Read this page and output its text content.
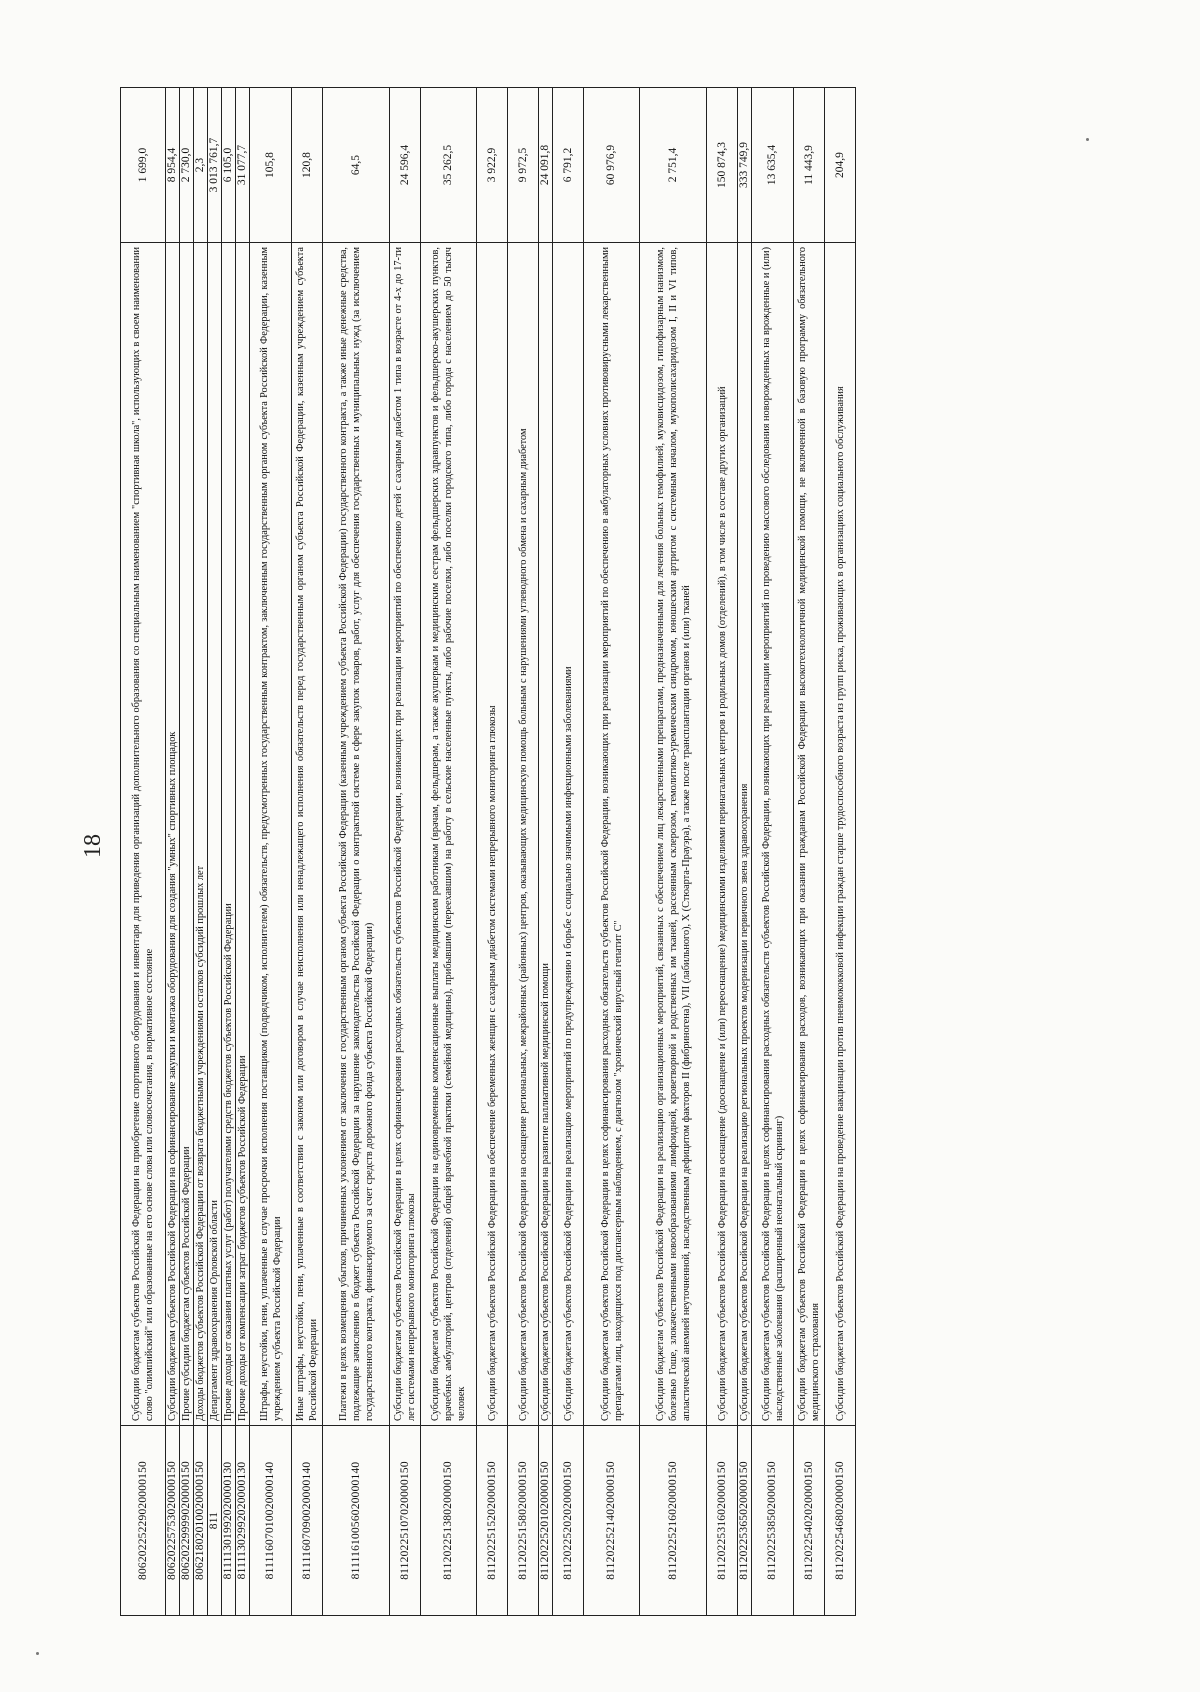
18
80620225229020000150	Субсидии бюджетам субъектов Российской Федерации на приобретение спортивного оборудования и инвентаря для приведения организаций дополнительного образования со специальным наименованием "спортивная школа", использующих в своем наименовании слово "олимпийский" или образованные на его основе слова или словосочетания, в нормативное состояние	1 699,0
80620225753020000150	Субсидии бюджетам субъектов Российской Федерации на софинансирование закупки и монтажа оборудования для создания "умных" спортивных площадок	8 954,4
80620229999020000150	Прочие субсидии бюджетам субъектов Российской Федерации	2 730,0
80621802010020000150	Доходы бюджетов субъектов Российской Федерации от возврата бюджетными учреждениями остатков субсидий прошлых лет	2,3
811	Департамент здравоохранения Орловской области	3 013 761,7
81111301992020000130	Прочие доходы от оказания платных услуг (работ) получателями средств бюджетов субъектов Российской Федерации	6 105,0
81111302992020000130	Прочие доходы от компенсации затрат бюджетов субъектов Российской Федерации	31 077,7
81111607010020000140	Штрафы, неустойки, пени, уплаченные в случае просрочки исполнения поставщиком (подрядчиком, исполнителем) обязательств, предусмотренных государственным контрактом, заключенным государственным органом субъекта Российской Федерации, казенным учреждением субъекта Российской Федерации	105,8
81111607090020000140	Иные штрафы, неустойки, пени, уплаченные в соответствии с законом или договором в случае неисполнения или ненадлежащего исполнения обязательств перед государственным органом субъекта Российской Федерации, казенным учреждением субъекта Российской Федерации	120,8
81111610056020000140	Платежи в целях возмещения убытков, причиненных уклонением от заключения с государственным органом субъекта Российской Федерации (казенным учреждением субъекта Российской Федерации) государственного контракта, а также иные денежные средства, подлежащие зачислению в бюджет субъекта Российской Федерации за нарушение законодательства Российской Федерации о контрактной системе в сфере закупок товаров, работ, услуг для обеспечения государственных и муниципальных нужд (за исключением государственного контракта, финансируемого за счет средств дорожного фонда субъекта Российской Федерации)	64,5
81120225107020000150	Субсидии бюджетам субъектов Российской Федерации в целях софинансирования расходных обязательств субъектов Российской Федерации, возникающих при реализации мероприятий по обеспечению детей с сахарным диабетом 1 типа в возрасте от 4-х до 17-ти лет системами непрерывного мониторинга глюкозы	24 596,4
81120225138020000150	Субсидии бюджетам субъектов Российской Федерации на единовременные компенсационные выплаты медицинским работникам (врачам, фельдшерам, а также акушеркам и медицинским сестрам фельдшерских здравпунктов и фельдшерско-акушерских пунктов, врачебных амбулаторий, центров (отделений) общей врачебной практики (семейной медицины), прибывшим (переехавшим) на работу в сельские населенные пункты, либо рабочие поселки, либо поселки городского типа, либо города с населением до 50 тысяч человек	35 262,5
81120225152020000150	Субсидии бюджетам субъектов Российской Федерации на обеспечение беременных женщин с сахарным диабетом системами непрерывного мониторинга глюкозы	3 922,9
81120225158020000150	Субсидии бюджетам субъектов Российской Федерации на оснащение региональных, межрайонных (районных) центров, оказывающих медицинскую помощь больным с нарушениями углеводного обмена и сахарным диабетом	9 972,5
81120225201020000150	Субсидии бюджетам субъектов Российской Федерации на развитие паллиативной медицинской помощи	24 091,8
81120225202020000150	Субсидии бюджетам субъектов Российской Федерации на реализацию мероприятий по предупреждению и борьбе с социально значимыми инфекционными заболеваниями	6 791,2
81120225214020000150	Субсидии бюджетам субъектов Российской Федерации в целях софинансирования расходных обязательств субъектов Российской Федерации, возникающих при реализации мероприятий по обеспечению в амбулаторных условиях противовирусными лекарственными препаратами лиц, находящихся под диспансерным наблюдением, с диагнозом "хронический вирусный гепатит С"	60 976,9
81120225216020000150	Субсидии бюджетам субъектов Российской Федерации на реализацию организационных мероприятий, связанных с обеспечением лиц лекарственными препаратами, предназначенными для лечения больных гемофилией, муковисцидозом, гипофизарным нанизмом, болезнью Гоше, злокачественными новообразованиями лимфоидной, кроветворной и родственных им тканей, рассеянным склерозом, гемолитико-уремическим синдромом, юношеским артритом с системным началом, мукополисахаридозом I, II и VI типов, апластической анемией неуточненной, наследственным дефицитом факторов II (фибриногена), VII (лабильного), X (Стюарта-Прауэра), а также после трансплантации органов и (или) тканей	2 751,4
81120225316020000150	Субсидии бюджетам субъектов Российской Федерации на оснащение (дооснащение и (или) переоснащение) медицинскими изделиями перинатальных центров и родильных домов (отделений), в том числе в составе других организаций	150 874,3
81120225365020000150	Субсидии бюджетам субъектов Российской Федерации на реализацию региональных проектов модернизации первичного звена здравоохранения	333 749,9
81120225385020000150	Субсидии бюджетам субъектов Российской Федерации в целях софинансирования расходных обязательств субъектов Российской Федерации, возникающих при реализации мероприятий по проведению массового обследования новорожденных на врожденные и (или) наследственные заболевания (расширенный неонатальный скрининг)	13 635,4
81120225402020000150	Субсидии бюджетам субъектов Российской Федерации в целях софинансирования расходов, возникающих при оказании гражданам Российской Федерации высокотехнологичной медицинской помощи, не включенной в базовую программу обязательного медицинского страхования	11 443,9
81120225468020000150	Субсидии бюджетам субъектов Российской Федерации на проведение вакцинации против пневмококковой инфекции граждан старше трудоспособного возраста из групп риска, проживающих в организациях социального обслуживания	204,9
